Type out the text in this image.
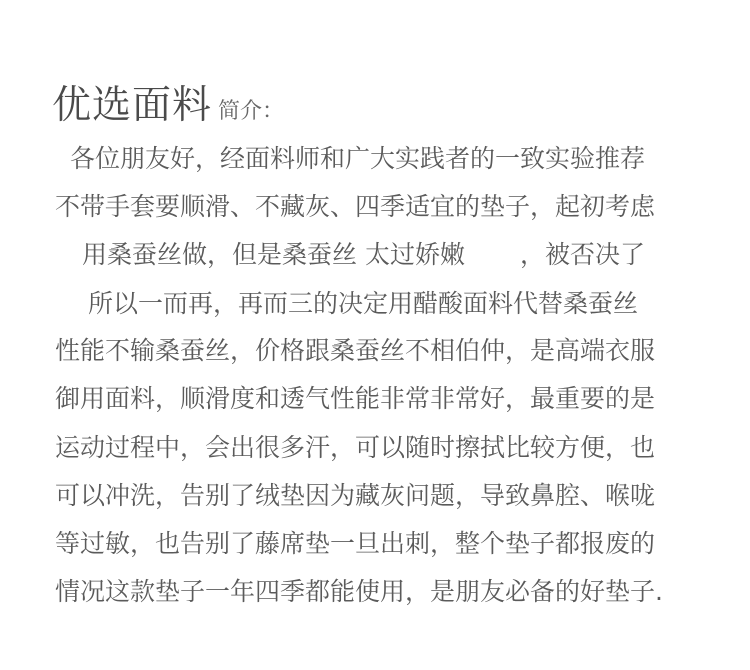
优选面料 简介：
各位朋友好，经面料师和广大实践者的一致实验推荐
不带手套要顺滑、不藏灰、四季适宜的垫子，起初考虑
用桑蚕丝做，但是桑蚕丝 太过娇嫩 ，被否决了
所以一而再，再而三的决定用醋酸面料代替桑蚕丝
性能不输桑蚕丝，价格跟桑蚕丝不相伯仲，是高端衣服
御用面料，顺滑度和透气性能非常非常好，最重要的是
运动过程中，会出很多汗，可以随时擦拭比较方便，也
可以冲洗，告别了绒垫因为藏灰问题，导致鼻腔、喉咙
等过敏，也告别了藤席垫一旦出刺，整个垫子都报废的
情况这款垫子一年四季都能使用，是朋友必备的好垫子.
